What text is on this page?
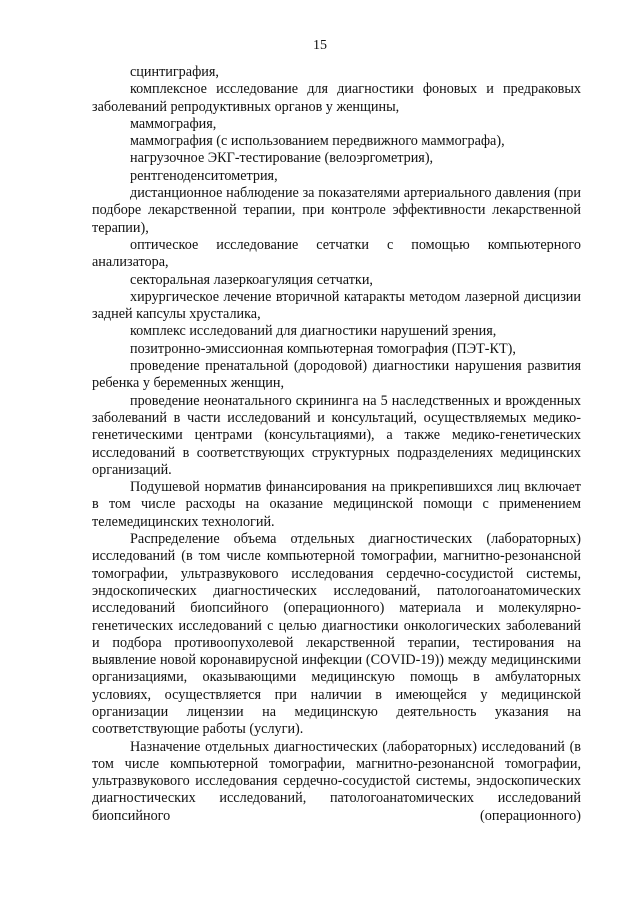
15

сцинтиграфия,

комплексное исследование для диагностики фоновых и предраковых заболеваний репродуктивных органов у женщины,

маммография,

маммография (с использованием передвижного маммографа),

нагрузочное ЭКГ-тестирование (велоэргометрия),

рентгеноденситометрия,

дистанционное наблюдение за показателями артериального давления (при подборе лекарственной терапии, при контроле эффективности лекарственной терапии),

оптическое исследование сетчатки с помощью компьютерного анализатора,

секторальная лазеркоагуляция сетчатки,

хирургическое лечение вторичной катаракты методом лазерной дисцизии задней капсулы хрусталика,

комплекс исследований для диагностики нарушений зрения,

позитронно-эмиссионная компьютерная томография (ПЭТ-КТ),

проведение пренатальной (дородовой) диагностики нарушения развития ребенка у беременных женщин,

проведение неонатального скрининга на 5 наследственных и врожденных заболеваний в части исследований и консультаций, осуществляемых медико-генетическими центрами (консультациями), а также медико-генетических исследований в соответствующих структурных подразделениях медицинских организаций.

Подушевой норматив финансирования на прикрепившихся лиц включает в том числе расходы на оказание медицинской помощи с применением телемедицинских технологий.

Распределение объема отдельных диагностических (лабораторных) исследований (в том числе компьютерной томографии, магнитно-резонансной томографии, ультразвукового исследования сердечно-сосудистой системы, эндоскопических диагностических исследований, патологоанатомических исследований биопсийного (операционного) материала и молекулярно-генетических исследований с целью диагностики онкологических заболеваний и подбора противоопухолевой лекарственной терапии, тестирования на выявление новой коронавирусной инфекции (COVID-19)) между медицинскими организациями, оказывающими медицинскую помощь в амбулаторных условиях, осуществляется при наличии в имеющейся у медицинской организации лицензии на медицинскую деятельность указания на соответствующие работы (услуги).

Назначение отдельных диагностических (лабораторных) исследований (в том числе компьютерной томографии, магнитно-резонансной томографии, ультразвукового исследования сердечно-сосудистой системы, эндоскопических диагностических исследований, патологоанатомических исследований биопсийного (операционного)
